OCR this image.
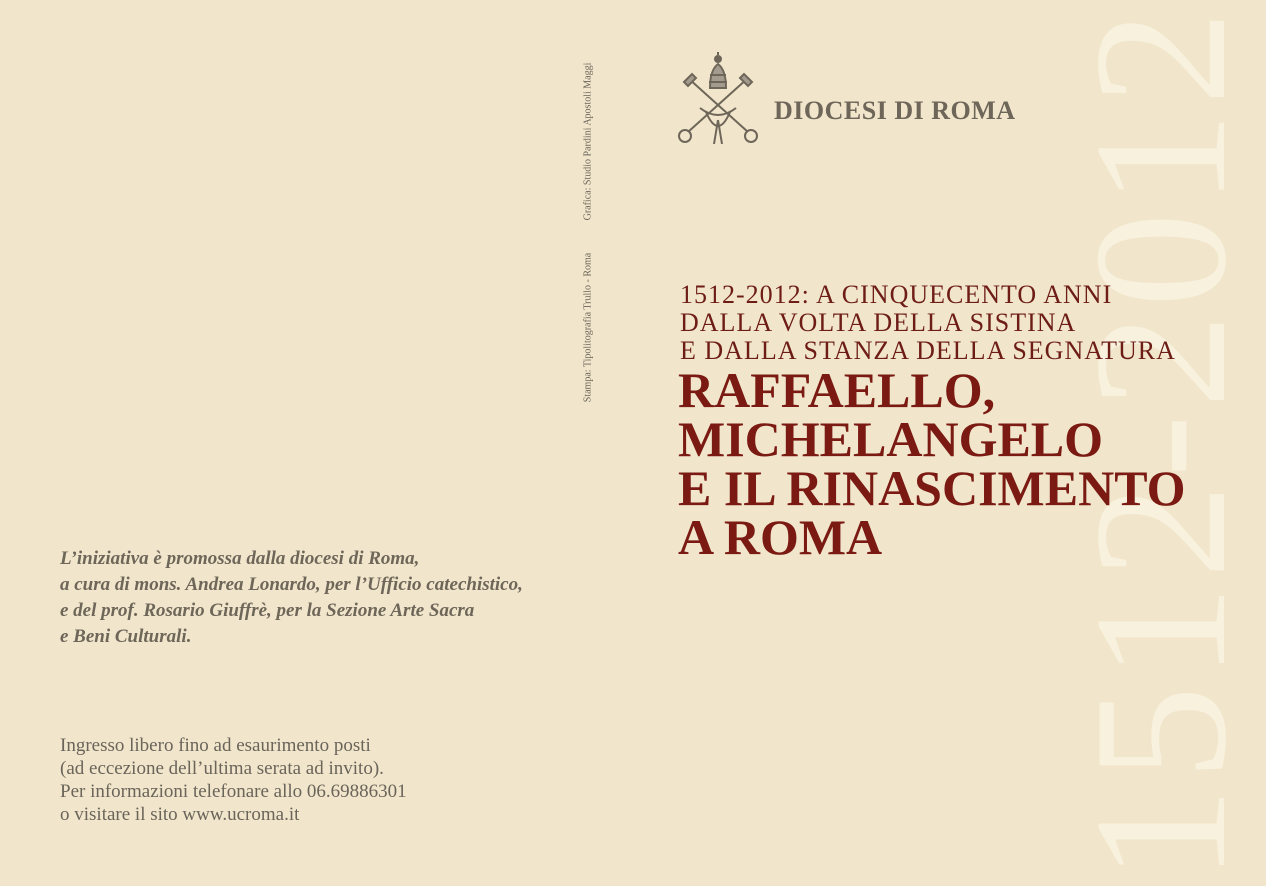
1512-2012
Grafica: Studio Pardini Apostoli Maggi
Stampa: Tipolitografia Trullo - Roma
DIOCESI DI ROMA
1512-2012: A CINQUECENTO ANNI
DALLA VOLTA DELLA SISTINA
E DALLA STANZA DELLA SEGNATURA
RAFFAELLO,
MICHELANGELO
E IL RINASCIMENTO
A ROMA
L’iniziativa è promossa dalla diocesi di Roma,
a cura di mons. Andrea Lonardo, per l’Ufficio catechistico,
e del prof. Rosario Giuffrè, per la Sezione Arte Sacra
e Beni Culturali.
Ingresso libero fino ad esaurimento posti
(ad eccezione dell’ultima serata ad invito).
Per informazioni telefonare allo 06.69886301
o visitare il sito www.ucroma.it
